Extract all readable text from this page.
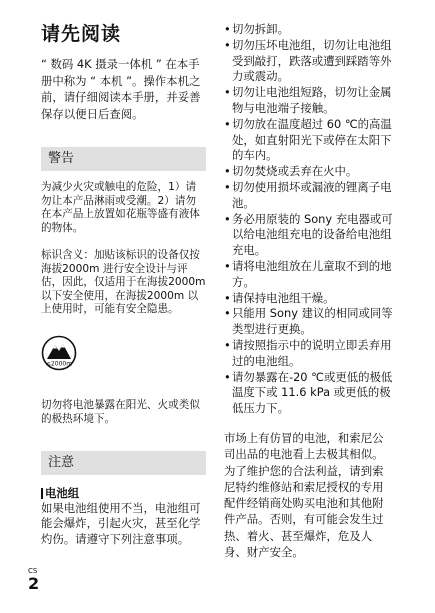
请先阅读

“ 数码 4K 摄录一体机 ” 在本手册中称为 “ 本机 ”。操作本机之前，请仔细阅读本手册，并妥善保存以便日后查阅。

警告

为减少火灾或触电的危险，1）请勿让本产品淋雨或受潮。2）请勿在本产品上放置如花瓶等盛有液体的物体。

标识含义：加贴该标识的设备仅按海拔2000m 进行安全设计与评估，因此，仅适用于在海拔2000m 以下安全使用，在海拔2000m 以上使用时，可能有安全隐患。

≤2000m

切勿将电池暴露在阳光、火或类似的极热环境下。

注意
电池组

如果电池组使用不当，电池组可能会爆炸，引起火灾，甚至化学灼伤。请遵守下列注意事项。

• 切勿拆卸。
• 切勿压坏电池组，切勿让电池组受到敲打，跌落或遭到踩踏等外力或震动。
• 切勿让电池组短路，切勿让金属物与电池端子接触。
• 切勿放在温度超过 60 ℃的高温处，如直射阳光下或停在太阳下的车内。
• 切勿焚烧或丢弃在火中。
• 切勿使用损坏或漏液的锂离子电池。
• 务必用原装的 Sony 充电器或可以给电池组充电的设备给电池组充电。
• 请将电池组放在儿童取不到的地方。
• 请保持电池组干燥。
• 只能用 Sony 建议的相同或同等类型进行更换。
• 请按照指示中的说明立即丢弃用过的电池组。
• 请勿暴露在-20 ℃或更低的极低温度下或 11.6 kPa 或更低的极低压力下。

市场上有仿冒的电池，和索尼公司出品的电池看上去极其相似。为了维护您的合法利益，请到索尼特约维修站和索尼授权的专用配件经销商处购买电池和其他附件产品。否则，有可能会发生过热、着火、甚至爆炸，危及人身、财产安全。

CS
2
